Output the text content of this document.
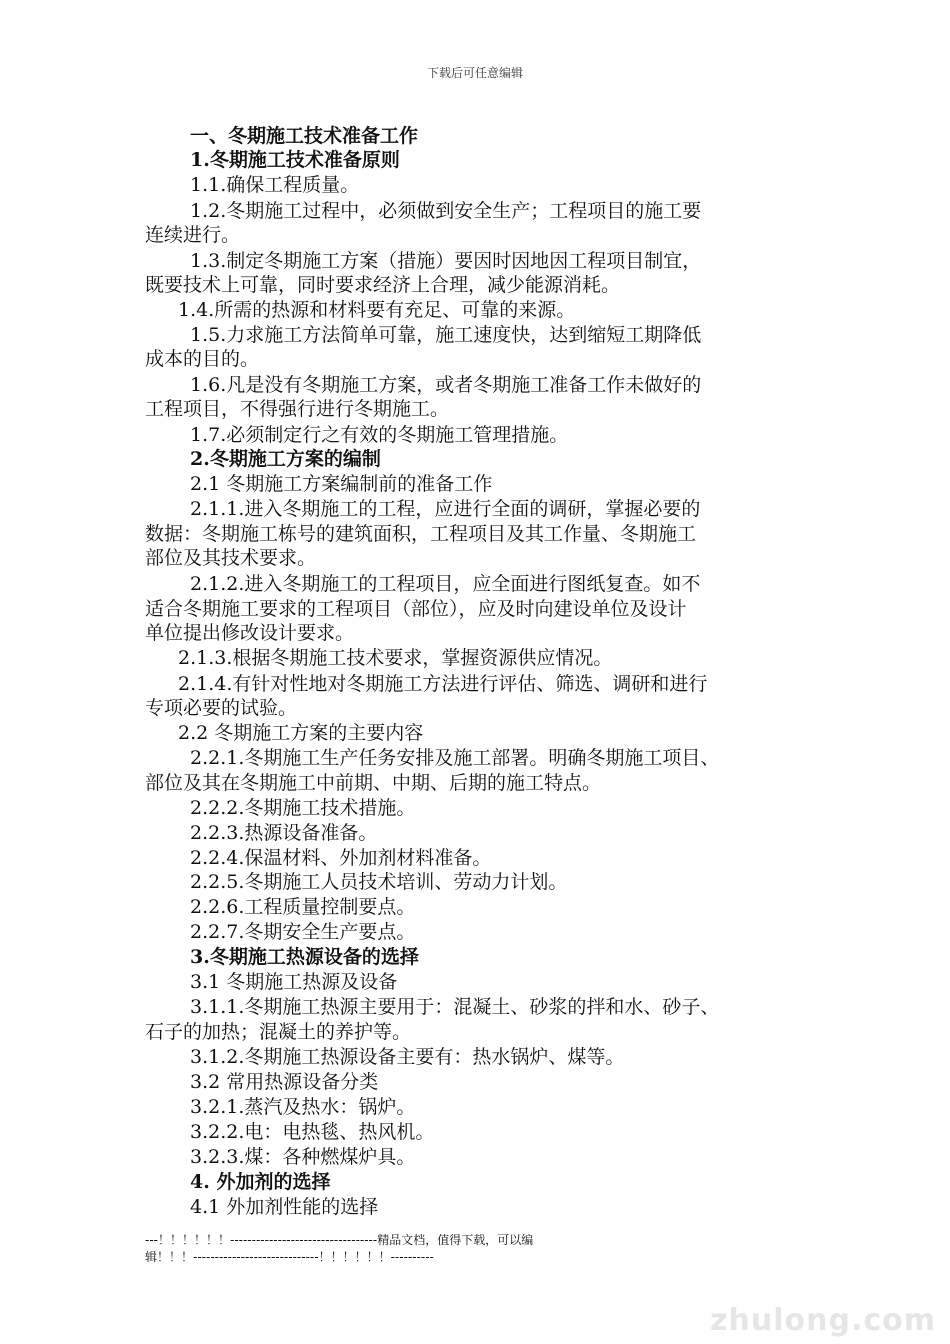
下载后可任意编辑
一、冬期施工技术准备工作
1.冬期施工技术准备原则
1.1.确保工程质量。
1.2.冬期施工过程中，必须做到安全生产；工程项目的施工要
连续进行。
1.3.制定冬期施工方案（措施）要因时因地因工程项目制宜，
既要技术上可靠，同时要求经济上合理，减少能源消耗。
1.4.所需的热源和材料要有充足、可靠的来源。
1.5.力求施工方法简单可靠，施工速度快，达到缩短工期降低
成本的目的。
1.6.凡是没有冬期施工方案，或者冬期施工准备工作未做好的
工程项目，不得强行进行冬期施工。
1.7.必须制定行之有效的冬期施工管理措施。
2.冬期施工方案的编制
2.1 冬期施工方案编制前的准备工作
2.1.1.进入冬期施工的工程，应进行全面的调研，掌握必要的
数据：冬期施工栋号的建筑面积，工程项目及其工作量、冬期施工
部位及其技术要求。
2.1.2.进入冬期施工的工程项目，应全面进行图纸复查。如不
适合冬期施工要求的工程项目（部位），应及时向建设单位及设计
单位提出修改设计要求。
2.1.3.根据冬期施工技术要求，掌握资源供应情况。
2.1.4.有针对性地对冬期施工方法进行评估、筛选、调研和进行
专项必要的试验。
2.2 冬期施工方案的主要内容
2.2.1.冬期施工生产任务安排及施工部署。明确冬期施工项目、
部位及其在冬期施工中前期、中期、后期的施工特点。
2.2.2.冬期施工技术措施。
2.2.3.热源设备准备。
2.2.4.保温材料、外加剂材料准备。
2.2.5.冬期施工人员技术培训、劳动力计划。
2.2.6.工程质量控制要点。
2.2.7.冬期安全生产要点。
3.冬期施工热源设备的选择
3.1 冬期施工热源及设备
3.1.1.冬期施工热源主要用于：混凝土、砂浆的拌和水、砂子、
石子的加热；混凝土的养护等。
3.1.2.冬期施工热源设备主要有：热水锅炉、煤等。
3.2 常用热源设备分类
3.2.1.蒸汽及热水：锅炉。
3.2.2.电：电热毯、热风机。
3.2.3.煤：各种燃煤炉具。
4. 外加剂的选择
4.1 外加剂性能的选择
---！！！！！！----------------------------------精品文档，值得下载，可以编
辑！！！-----------------------------！！！！！！----------
zhulong.com
